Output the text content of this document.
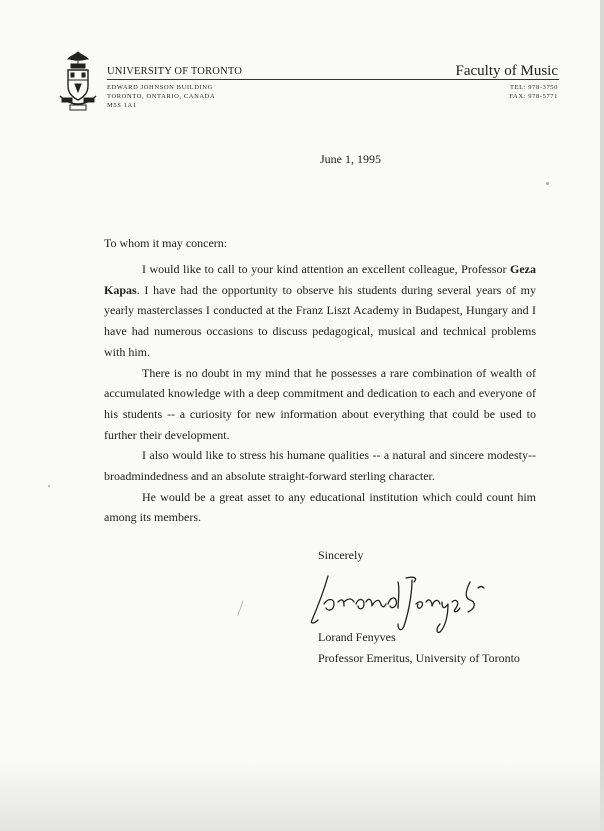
UNIVERSITY OF TORONTO	Faculty of Music
EDWARD JOHNSON BUILDING
TORONTO, ONTARIO, CANADA
M5S 1A1
TEL: 978-3750
FAX: 978-5771
June 1, 1995
To whom it may concern:

I would like to call to your kind attention an excellent colleague, Professor Geza Kapas. I have had the opportunity to observe his students during several years of my yearly masterclasses I conducted at the Franz Liszt Academy in Budapest, Hungary and I have had numerous occasions to discuss pedagogical, musical and technical problems with him.

There is no doubt in my mind that he possesses a rare combination of wealth of accumulated knowledge with a deep commitment and dedication to each and everyone of his students -- a curiosity for new information about everything that could be used to further their development.

I also would like to stress his humane qualities -- a natural and sincere modesty-- broadmindedness and an absolute straight-forward sterling character.

He would be a great asset to any educational institution which could count him among its members.

Sincerely
Lorand Fenyves
Professor Emeritus, University of Toronto
